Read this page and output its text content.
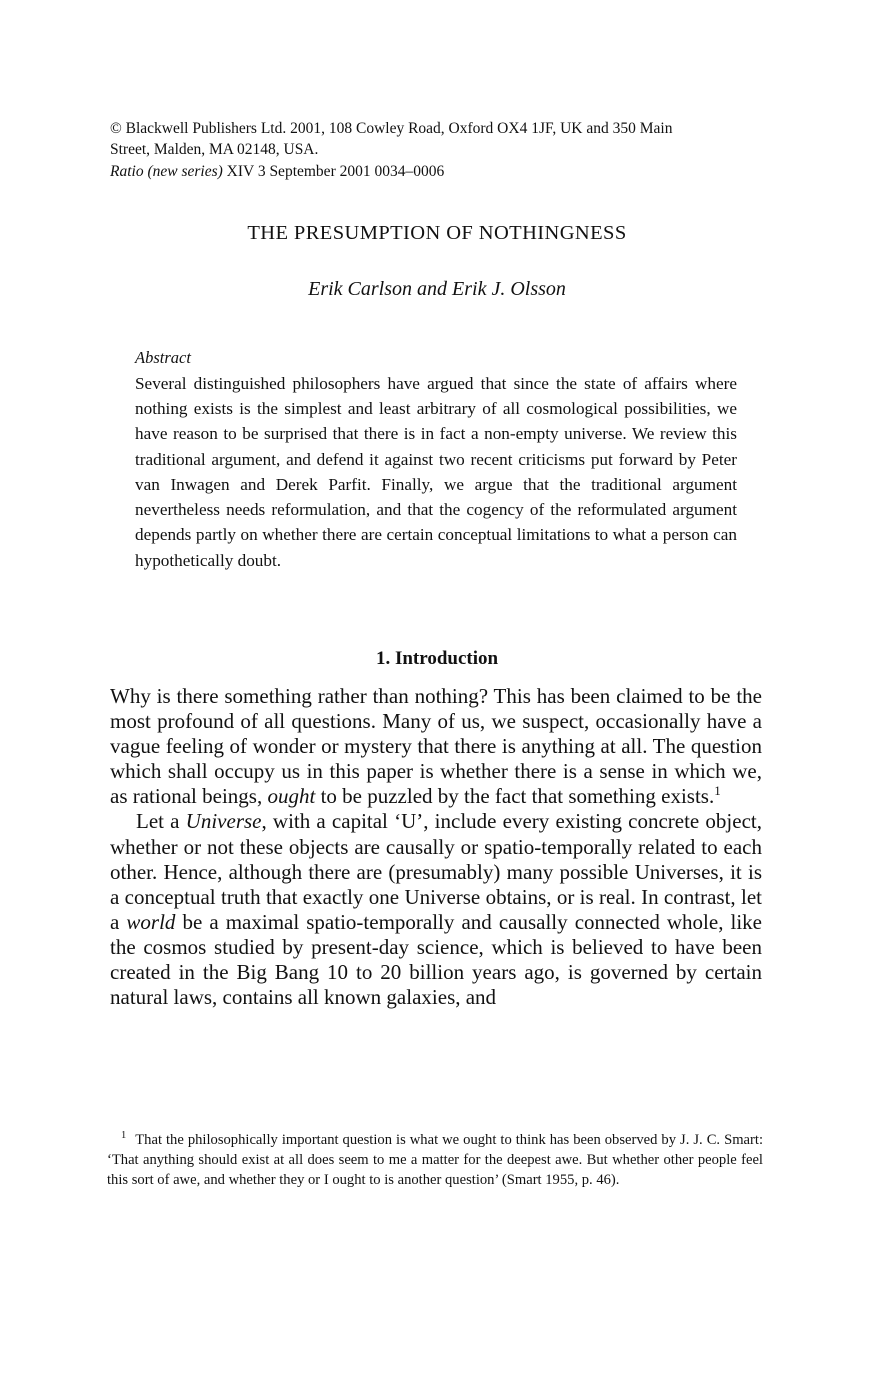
© Blackwell Publishers Ltd. 2001, 108 Cowley Road, Oxford OX4 1JF, UK and 350 Main
Street, Malden, MA 02148, USA.
Ratio (new series) XIV 3 September 2001 0034–0006
THE PRESUMPTION OF NOTHINGNESS
Erik Carlson and Erik J. Olsson
Abstract

Several distinguished philosophers have argued that since the state of affairs where nothing exists is the simplest and least arbitrary of all cosmological possibilities, we have reason to be surprised that there is in fact a non-empty universe. We review this traditional argument, and defend it against two recent criticisms put forward by Peter van Inwagen and Derek Parfit. Finally, we argue that the traditional argument nevertheless needs reformulation, and that the cogency of the reformulated argument depends partly on whether there are certain conceptual limitations to what a person can hypothetically doubt.

1. Introduction

Why is there something rather than nothing? This has been claimed to be the most profound of all questions. Many of us, we suspect, occasionally have a vague feeling of wonder or mystery that there is anything at all. The question which shall occupy us in this paper is whether there is a sense in which we, as rational beings, ought to be puzzled by the fact that something exists.$^1$

Let a Universe, with a capital ‘U’, include every existing concrete object, whether or not these objects are causally or spatio-temporally related to each other. Hence, although there are (presumably) many possible Universes, it is a conceptual truth that exactly one Universe obtains, or is real. In contrast, let a world be a maximal spatio-temporally and causally connected whole, like the cosmos studied by present-day science, which is believed to have been created in the Big Bang 10 to 20 billion years ago, is governed by certain natural laws, contains all known galaxies, and

$^1$ That the philosophically important question is what we ought to think has been observed by J. J. C. Smart: ‘That anything should exist at all does seem to me a matter for the deepest awe. But whether other people feel this sort of awe, and whether they or I ought to is another question’ (Smart 1955, p. 46).
